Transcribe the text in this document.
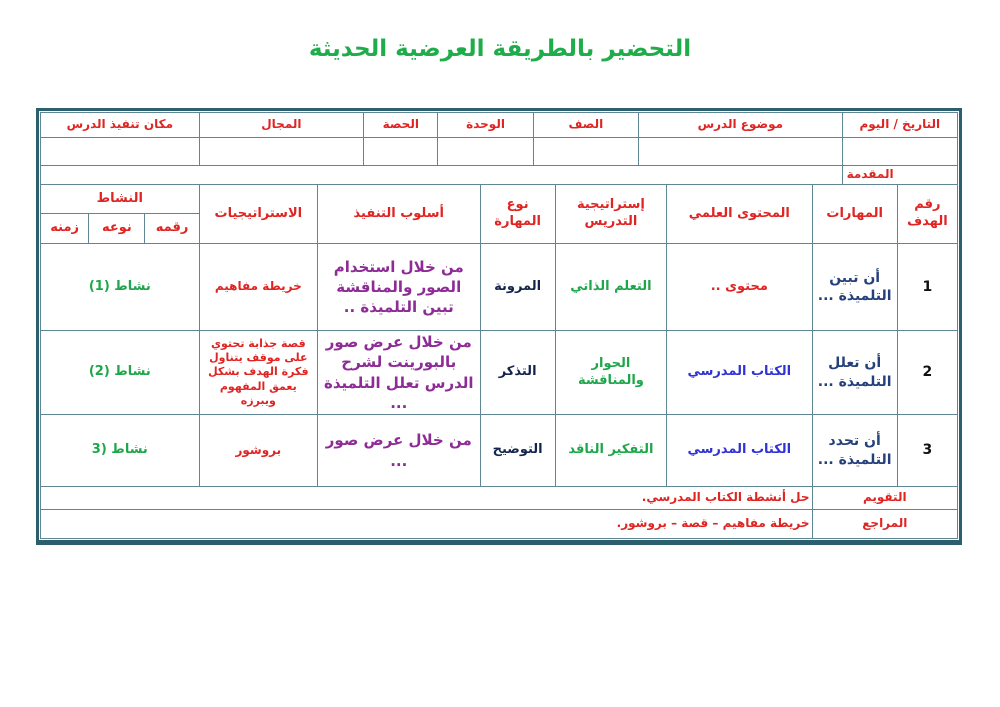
التحضير بالطريقة العرضية الحديثة
التاريخ / اليوم		موضوع الدرس			الصف		الوحدة		الحصة	المجال		مكان تنفيذ الدرس		

المقدمة														
رقم الهدف	المهارات		المحتوى العلمي	إستراتيجية التدريس		نوع المهارة		أسلوب التنفيذ			الاستراتيجيات	النشاط		
												رقمه	نوعه	زمنه
1	أن تبين التلميذة ...		محتوى ..	التعلم الذاتي		المرونة		من خلال استخدام الصور والمناقشة تبين التلميذة ..			خريطة مفاهيم	نشاط (1)		
2	أن تعلل التلميذة ...		الكتاب المدرسي	الحوار والمناقشة		التذكر		من خلال عرض صور بالبورينت لشرح الدرس تعلل التلميذة ...			قصة جذابة تحتوي على موقف يتناول فكرة الهدف بشكل يعمق المفهوم ويبرزه	نشاط (2)		
3	أن تحدد التلميذة ...		الكتاب المدرسي	التفكير الناقد		التوضيح		من خلال عرض صور ...			بروشور	نشاط (3		
التقويم			حل أنشطة الكتاب المدرسي.											
المراجع			خريطة مفاهيم – قصة – بروشور.											
